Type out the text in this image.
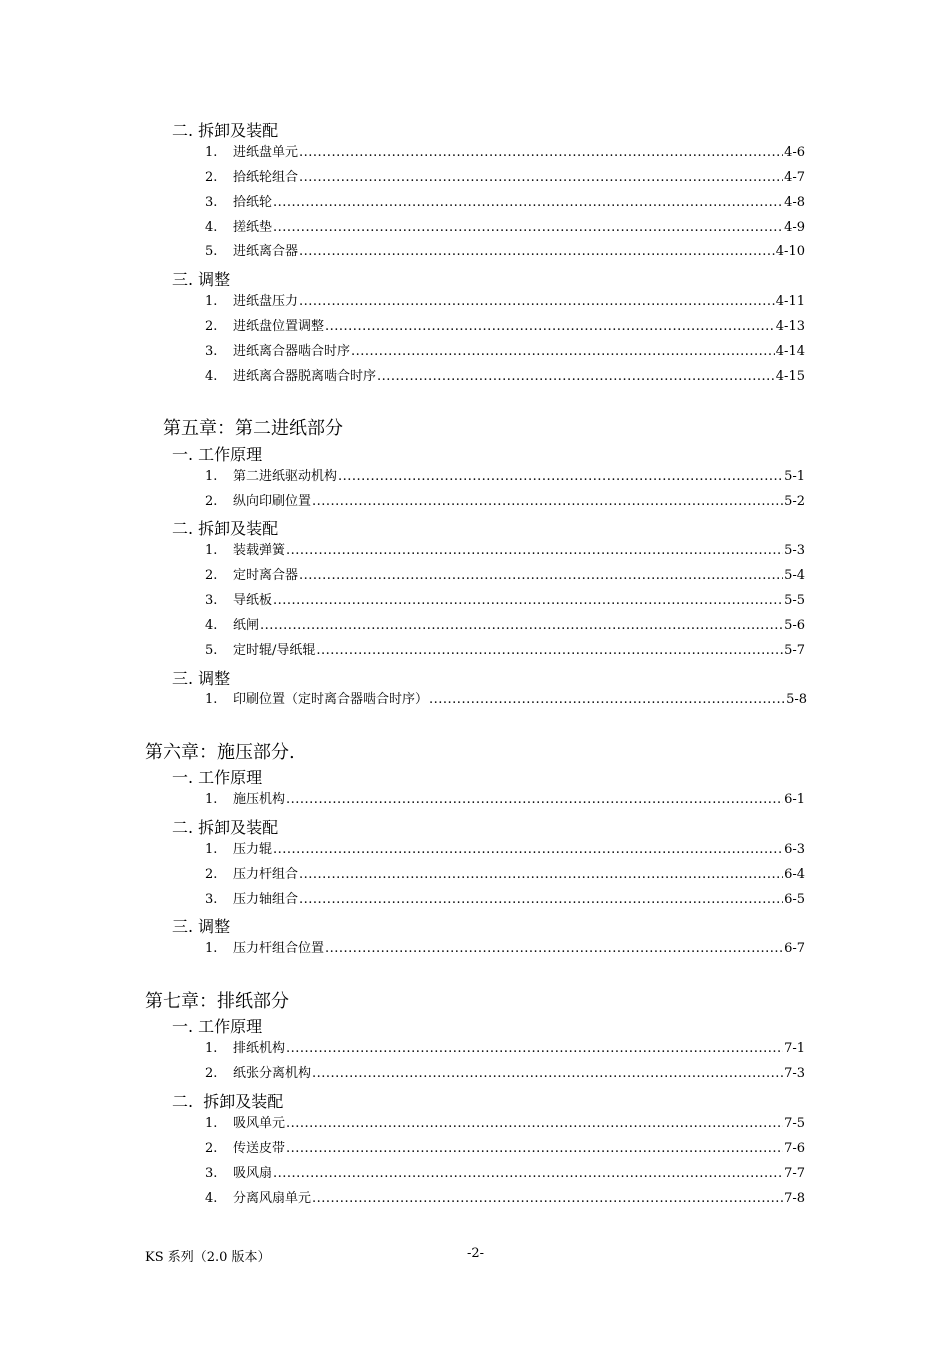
二. 拆卸及装配
1.	进纸盘单元 .....	4-6
2.	拾纸轮组合 .....	4-7
3.	拾纸轮 .....	4-8
4.	搓纸垫 .....	4-9
5.	进纸离合器 .....	4-10
三. 调整
1.	进纸盘压力 .....	4-11
2.	进纸盘位置调整 .....	4-13
3.	进纸离合器啮合时序 .....	4-14
4.	进纸离合器脱离啮合时序 .....	4-15
第五章：第二进纸部分
一. 工作原理
1.	第二进纸驱动机构 .....	5-1
2.	纵向印刷位置 .....	5-2
二. 拆卸及装配
1.	装载弹簧 .....	5-3
2.	定时离合器 .....	5-4
3.	导纸板 .....	5-5
4.	纸闸 .....	5-6
5.	定时辊/导纸辊 .....	5-7
三. 调整
1.	印刷位置（定时离合器啮合时序） .....	5-8
第六章：施压部分.
一. 工作原理
1.	施压机构 .....	6-1
二. 拆卸及装配
1.	压力辊 .....	6-3
2.	压力杆组合 .....	6-4
3.	压力轴组合 .....	6-5
三. 调整
1.	压力杆组合位置 .....	6-7
第七章：排纸部分
一. 工作原理
1.	排纸机构 .....	7-1
2.	纸张分离机构 .....	7-3
二.  拆卸及装配
1.	吸风单元 .....	7-5
2.	传送皮带 .....	7-6
3.	吸风扇 .....	7-7
4.	分离风扇单元 .....	7-8
KS 系列（2.0 版本）	-2-
